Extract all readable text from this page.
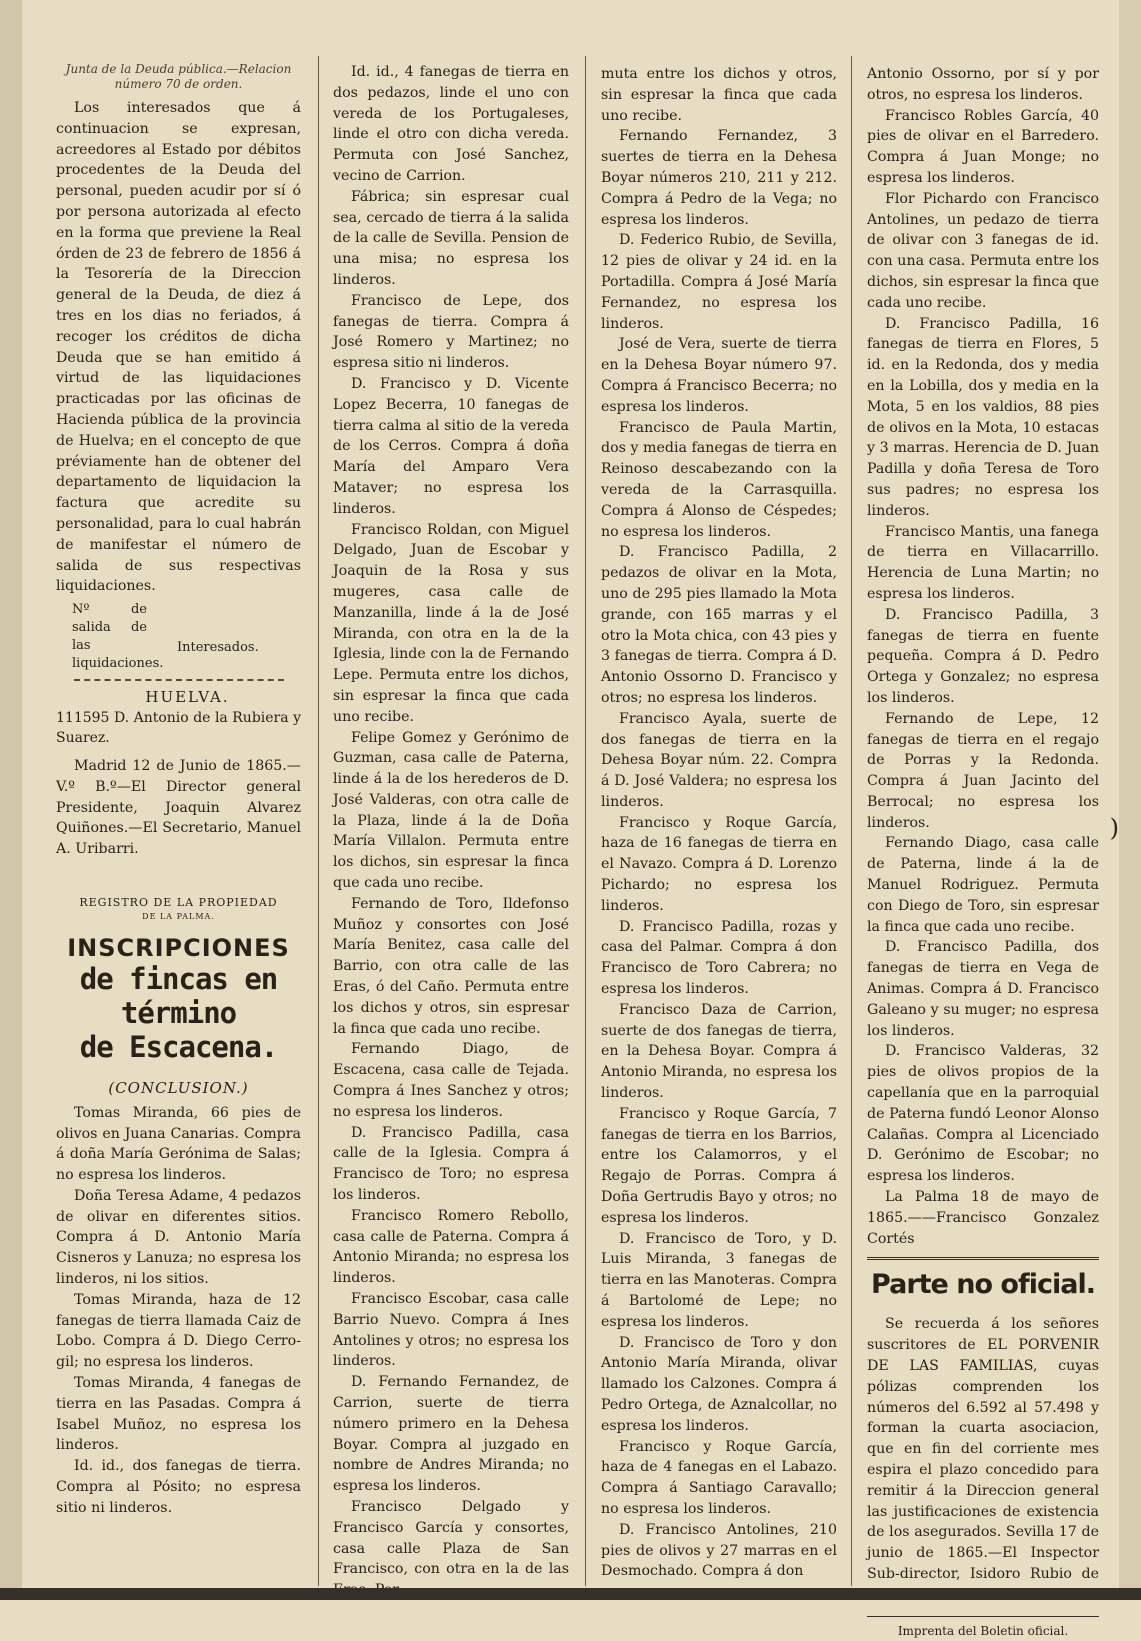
Junta de la Deuda pública.—Relacion número 70 de orden.

Los interesados que á continuacion se expresan, acreedores al Estado por débitos procedentes de la Deuda del personal, pueden acudir por sí ó por persona autorizada al efecto en la forma que previene la Real órden de 23 de febrero de 1856 á la Tesorería de la Direccion general de la Deuda, de diez á tres en los dias no feriados, á recoger los créditos de dicha Deuda que se han emitido á virtud de las liquidaciones practicadas por las oficinas de Hacienda pública de la provincia de Huelva; en el concepto de que préviamente han de obtener del departamento de liquidacion la factura que acredite su personalidad, para lo cual habrán de manifestar el número de salida de sus respectivas liquidaciones.

Nº de salida de las liquidaciones.
Interesados.

HUELVA.

111595 D. Antonio de la Rubiera y Suarez.

Madrid 12 de Junio de 1865.—V.º B.º—El Director general Presidente, Joaquin Alvarez Quiñones.—El Secretario, Manuel A. Uribarri.

REGISTRO DE LA PROPIEDAD
DE LA PALMA.

INSCRIPCIONES

de fincas en término

de Escacena.

(CONCLUSION.)

Tomas Miranda, 66 pies de olivos en Juana Canarias. Compra á doña María Gerónima de Salas; no espresa los linderos.

Doña Teresa Adame, 4 pedazos de olivar en diferentes sitios. Compra á D. Antonio María Cisneros y Lanuza; no espresa los linderos, ni los sitios.

Tomas Miranda, haza de 12 fanegas de tierra llamada Caiz de Lobo. Compra á D. Diego Cerro-gil; no espresa los linderos.

Tomas Miranda, 4 fanegas de tierra en las Pasadas. Compra á Isabel Muñoz, no espresa los linderos.

Id. id., dos fanegas de tierra. Compra al Pósito; no espresa sitio ni linderos.

Id. id., 4 fanegas de tierra en dos pedazos, linde el uno con vereda de los Portugaleses, linde el otro con dicha vereda. Permuta con José Sanchez, vecino de Carrion.

Fábrica; sin espresar cual sea, cercado de tierra á la salida de la calle de Sevilla. Pension de una misa; no espresa los linderos.

Francisco de Lepe, dos fanegas de tierra. Compra á José Romero y Martinez; no espresa sitio ni linderos.

D. Francisco y D. Vicente Lopez Becerra, 10 fanegas de tierra calma al sitio de la vereda de los Cerros. Compra á doña María del Amparo Vera Mataver; no espresa los linderos.

Francisco Roldan, con Miguel Delgado, Juan de Escobar y Joaquin de la Rosa y sus mugeres, casa calle de Manzanilla, linde á la de José Miranda, con otra en la de la Iglesia, linde con la de Fernando Lepe. Permuta entre los dichos, sin espresar la finca que cada uno recibe.

Felipe Gomez y Gerónimo de Guzman, casa calle de Paterna, linde á la de los herederos de D. José Valderas, con otra calle de la Plaza, linde á la de Doña María Villalon. Permuta entre los dichos, sin espresar la finca que cada uno recibe.

Fernando de Toro, Ildefonso Muñoz y consortes con José María Benitez, casa calle del Barrio, con otra calle de las Eras, ó del Caño. Permuta entre los dichos y otros, sin espresar la finca que cada uno recibe.

Fernando Diago, de Escacena, casa calle de Tejada. Compra á Ines Sanchez y otros; no espresa los linderos.

D. Francisco Padilla, casa calle de la Iglesia. Compra á Francisco de Toro; no espresa los linderos.

Francisco Romero Rebollo, casa calle de Paterna. Compra á Antonio Miranda; no espresa los linderos.

Francisco Escobar, casa calle Barrio Nuevo. Compra á Ines Antolines y otros; no espresa los linderos.

D. Fernando Fernandez, de Carrion, suerte de tierra número primero en la Dehesa Boyar. Compra al juzgado en nombre de Andres Miranda; no espresa los linderos.

Francisco Delgado y Francisco García y consortes, casa calle Plaza de San Francisco, con otra en la de las

muta entre los dichos y otros, sin espresar la finca que cada uno recibe.

Fernando Fernandez, 3 suertes de tierra en la Dehesa Boyar números 210, 211 y 212. Compra á Pedro de la Vega; no espresa los linderos.

D. Federico Rubio, de Sevilla, 12 pies de olivar y 24 id. en la Portadilla. Compra á José María Fernandez, no espresa los linderos.

José de Vera, suerte de tierra en la Dehesa Boyar número 97. Compra á Francisco Becerra; no espresa los linderos.

Francisco de Paula Martin, dos y media fanegas de tierra en Reinoso descabezando con la vereda de la Carrasquilla. Compra á Alonso de Céspedes; no espresa los linderos.

D. Francisco Padilla, 2 pedazos de olivar en la Mota, uno de 295 pies llamado la Mota grande, con 165 marras y el otro la Mota chica, con 43 pies y 3 fanegas de tierra. Compra á D. Antonio Ossorno D. Francisco y otros; no espresa los linderos.

Francisco Ayala, suerte de dos fanegas de tierra en la Dehesa Boyar núm. 22. Compra á D. José Valdera; no espresa los linderos.

Francisco y Roque García, haza de 16 fanegas de tierra en el Navazo. Compra á D. Lorenzo Pichardo; no espresa los linderos.

D. Francisco Padilla, rozas y casa del Palmar. Compra á don Francisco de Toro Cabrera; no espresa los linderos.

Francisco Daza de Carrion, suerte de dos fanegas de tierra, en la Dehesa Boyar. Compra á Antonio Miranda, no espresa los linderos.

Francisco y Roque García, 7 fanegas de tierra en los Barrios, entre los Calamorros, y el Regajo de Porras. Compra á Doña Gertrudis Bayo y otros; no espresa los linderos.

D. Francisco de Toro, y D. Luis Miranda, 3 fanegas de tierra en las Manoteras. Compra á Bartolomé de Lepe; no espresa los linderos.

D. Francisco de Toro y don Antonio María Miranda, olivar llamado los Calzones. Compra á Pedro Ortega, de Aznalcollar, no espresa los linderos.

Francisco y Roque García, haza de 4 fanegas en el Labazo. Compra á Santiago Caravallo; no espresa los linderos.

D. Francisco Antolines, 210 pies de olivos y 27 marras en el Desmochado. Compra á don

Antonio Ossorno, por sí y por otros, no espresa los linderos.

Francisco Robles García, 40 pies de olivar en el Barredero. Compra á Juan Monge; no espresa los linderos.

Flor Pichardo con Francisco Antolines, un pedazo de tierra de olivar con 3 fanegas de id. con una casa. Permuta entre los dichos, sin espresar la finca que cada uno recibe.

D. Francisco Padilla, 16 fanegas de tierra en Flores, 5 id. en la Redonda, dos y media en la Lobilla, dos y media en la Mota, 5 en los valdios, 88 pies de olivos en la Mota, 10 estacas y 3 marras. Herencia de D. Juan Padilla y doña Teresa de Toro sus padres; no espresa los linderos.

Francisco Mantis, una fanega de tierra en Villacarrillo. Herencia de Luna Martin; no espresa los linderos.

D. Francisco Padilla, 3 fanegas de tierra en fuente pequeña. Compra á D. Pedro Ortega y Gonzalez; no espresa los linderos.

Fernando de Lepe, 12 fanegas de tierra en el regajo de Porras y la Redonda. Compra á Juan Jacinto del Berrocal; no espresa los linderos.

Fernando Diago, casa calle de Paterna, linde á la de Manuel Rodriguez. Permuta con Diego de Toro, sin espresar la finca que cada uno recibe.

D. Francisco Padilla, dos fanegas de tierra en Vega de Animas. Compra á D. Francisco Galeano y su muger; no espresa los linderos.

D. Francisco Valderas, 32 pies de olivos propios de la capellanía que en la parroquial de Paterna fundó Leonor Alonso Calañas. Compra al Licenciado D. Gerónimo de Escobar; no espresa los linderos.

La Palma 18 de mayo de 1865.——Francisco Gonzalez Cortés

Parte no oficial.

Se recuerda á los señores suscritores de EL PORVENIR DE LAS FAMILIAS, cuyas pólizas comprenden los números del 6.592 al 57.498 y forman la cuarta asociacion, que en fin del corriente mes espira el plazo concedido para remitir á la Direccion general las justificaciones de existencia de los asegurados. Sevilla 17 de junio de 1865.—El Inspector Sub-director, Isidoro Rubio de

Imprenta del Boletin oficial.

)
